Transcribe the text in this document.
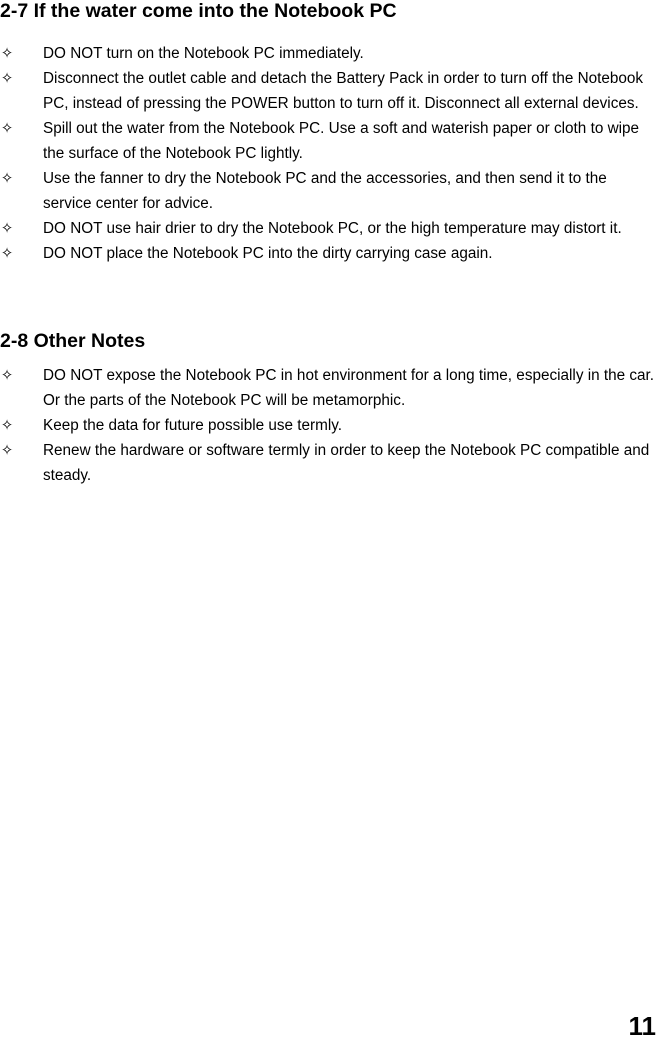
2-7 If the water come into the Notebook PC
✧ DO NOT turn on the Notebook PC immediately.
✧ Disconnect the outlet cable and detach the Battery Pack in order to turn off the Notebook PC, instead of pressing the POWER button to turn off it. Disconnect all external devices.
✧ Spill out the water from the Notebook PC. Use a soft and waterish paper or cloth to wipe the surface of the Notebook PC lightly.
✧ Use the fanner to dry the Notebook PC and the accessories, and then send it to the service center for advice.
✧ DO NOT use hair drier to dry the Notebook PC, or the high temperature may distort it.
✧ DO NOT place the Notebook PC into the dirty carrying case again.
2-8 Other Notes
✧ DO NOT expose the Notebook PC in hot environment for a long time, especially in the car. Or the parts of the Notebook PC will be metamorphic.
✧ Keep the data for future possible use termly.
✧ Renew the hardware or software termly in order to keep the Notebook PC compatible and steady.
11
